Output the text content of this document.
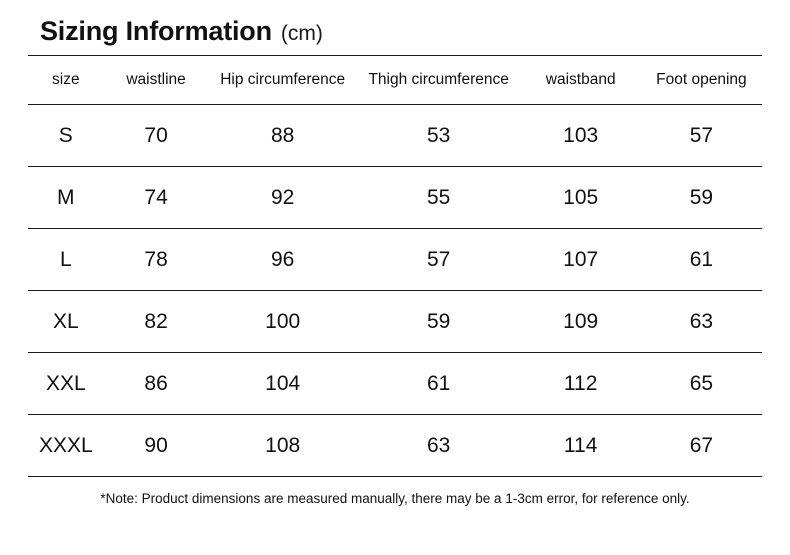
Sizing Information (cm)
size	waistline	Hip circumference	Thigh circumference	waistband	Foot opening
S	70	88	53	103	57
M	74	92	55	105	59
L	78	96	57	107	61
XL	82	100	59	109	63
XXL	86	104	61	112	65
XXXL	90	108	63	114	67
*Note: Product dimensions are measured manually, there may be a 1-3cm error, for reference only.
